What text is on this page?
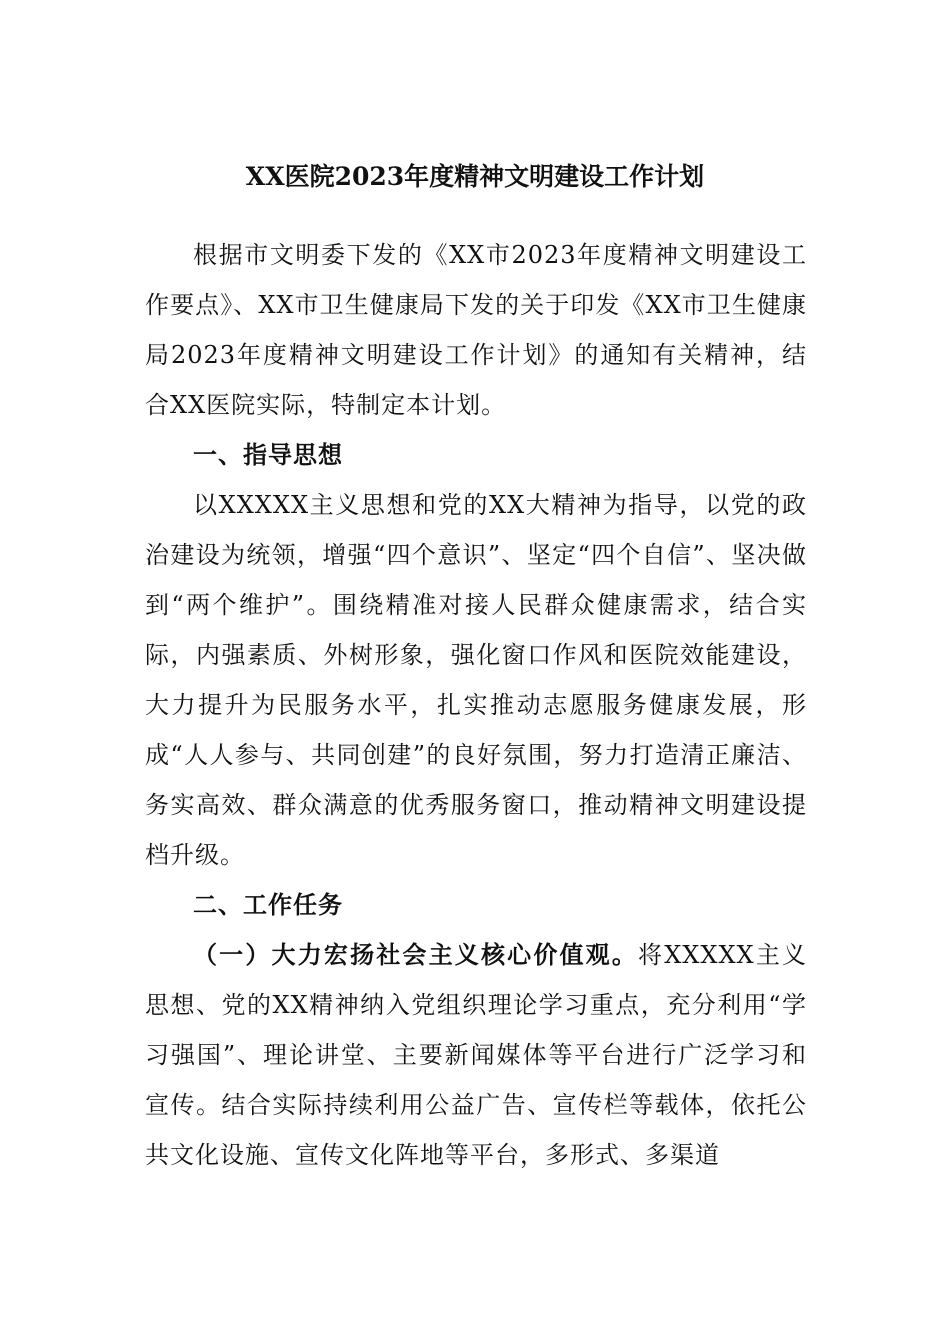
XX医院2023年度精神文明建设工作计划

根据市文明委下发的《XX市2023年度精神文明建设工作要点》、XX市卫生健康局下发的关于印发《XX市卫生健康局2023年度精神文明建设工作计划》的通知有关精神，结合XX医院实际，特制定本计划。

一、指导思想

以XXXXX主义思想和党的XX大精神为指导，以党的政治建设为统领，增强“四个意识”、坚定“四个自信”、坚决做到“两个维护”。围绕精准对接人民群众健康需求，结合实际，内强素质、外树形象，强化窗口作风和医院效能建设，大力提升为民服务水平，扎实推动志愿服务健康发展，形成“人人参与、共同创建”的良好氛围，努力打造清正廉洁、务实高效、群众满意的优秀服务窗口，推动精神文明建设提档升级。

二、工作任务

（一）大力宏扬社会主义核心价值观。将XXXXX主义思想、党的XX精神纳入党组织理论学习重点，充分利用“学习强国”、理论讲堂、主要新闻媒体等平台进行广泛学习和宣传。结合实际持续利用公益广告、宣传栏等载体，依托公共文化设施、宣传文化阵地等平台，多形式、多渠道
